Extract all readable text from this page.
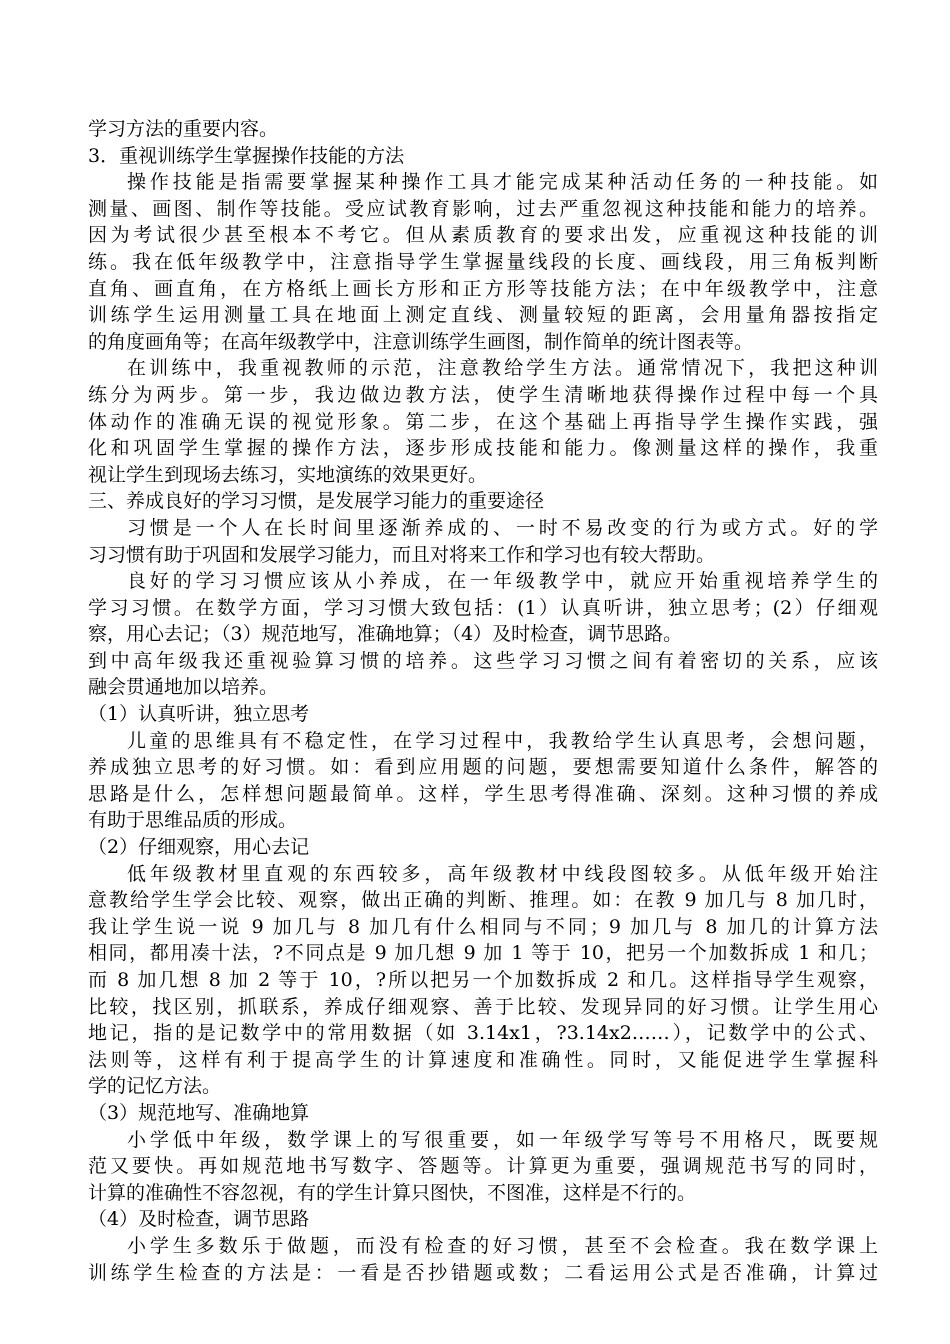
学习方法的重要内容。
3．重视训练学生掌握操作技能的方法
操作技能是指需要掌握某种操作工具才能完成某种活动任务的一种技能。如
测量、画图、制作等技能。受应试教育影响，过去严重忽视这种技能和能力的培养。
因为考试很少甚至根本不考它。但从素质教育的要求出发，应重视这种技能的训
练。我在低年级教学中，注意指导学生掌握量线段的长度、画线段，用三角板判断
直角、画直角，在方格纸上画长方形和正方形等技能方法；在中年级教学中，注意
训练学生运用测量工具在地面上测定直线、测量较短的距离，会用量角器按指定
的角度画角等；在高年级教学中，注意训练学生画图，制作简单的统计图表等。
在训练中，我重视教师的示范，注意教给学生方法。通常情况下，我把这种训
练分为两步。第一步，我边做边教方法，使学生清晰地获得操作过程中每一个具
体动作的准确无误的视觉形象。第二步，在这个基础上再指导学生操作实践，强
化和巩固学生掌握的操作方法，逐步形成技能和能力。像测量这样的操作，我重
视让学生到现场去练习，实地演练的效果更好。
三、养成良好的学习习惯，是发展学习能力的重要途径
习惯是一个人在长时间里逐渐养成的、一时不易改变的行为或方式。好的学
习习惯有助于巩固和发展学习能力，而且对将来工作和学习也有较大帮助。
良好的学习习惯应该从小养成，在一年级教学中，就应开始重视培养学生的
学习习惯。在数学方面，学习习惯大致包括：(1）认真听讲，独立思考；(2）仔细观
察，用心去记；（3）规范地写，准确地算；（4）及时检查，调节思路。
到中高年级我还重视验算习惯的培养。这些学习习惯之间有着密切的关系，应该
融会贯通地加以培养。
（1）认真听讲，独立思考
儿童的思维具有不稳定性，在学习过程中，我教给学生认真思考，会想问题，
养成独立思考的好习惯。如：看到应用题的问题，要想需要知道什么条件，解答的
思路是什么，怎样想问题最简单。这样，学生思考得准确、深刻。这种习惯的养成
有助于思维品质的形成。
（2）仔细观察，用心去记
低年级教材里直观的东西较多，高年级教材中线段图较多。从低年级开始注
意教给学生学会比较、观察，做出正确的判断、推理。如：在教 9 加几与 8 加几时，
我让学生说一说 9 加几与 8 加几有什么相同与不同；9 加几与 8 加几的计算方法
相同，都用凑十法，?不同点是 9 加几想 9 加 1 等于 10，把另一个加数拆成 1 和几；
而 8 加几想 8 加 2 等于 10，?所以把另一个加数拆成 2 和几。这样指导学生观察，
比较，找区别，抓联系，养成仔细观察、善于比较、发现异同的好习惯。让学生用心
地记，指的是记数学中的常用数据（如 3.14x1，?3.14x2……），记数学中的公式、
法则等，这样有利于提高学生的计算速度和准确性。同时，又能促进学生掌握科
学的记忆方法。
（3）规范地写、准确地算
小学低中年级，数学课上的写很重要，如一年级学写等号不用格尺，既要规
范又要快。再如规范地书写数字、答题等。计算更为重要，强调规范书写的同时，
计算的准确性不容忽视，有的学生计算只图快，不图准，这样是不行的。
（4）及时检查，调节思路
小学生多数乐于做题，而没有检查的好习惯，甚至不会检查。我在数学课上
训练学生检查的方法是：一看是否抄错题或数；二看运用公式是否准确，计算过
